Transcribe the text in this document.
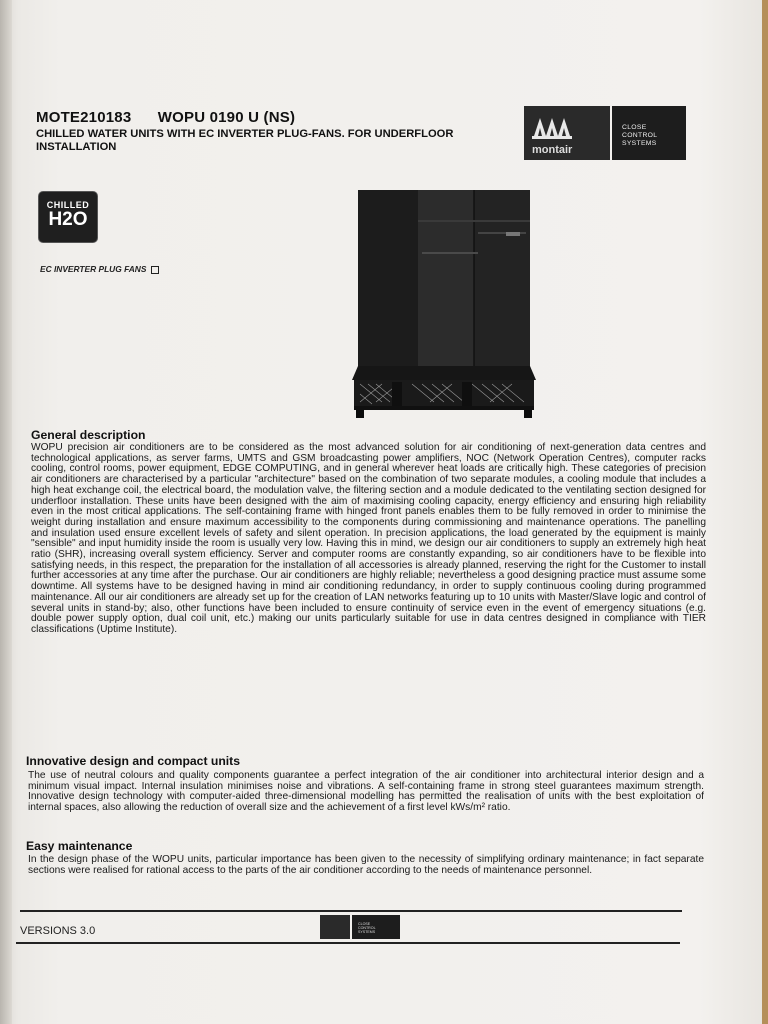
MOTE210183 WOPU 0190 U (NS)
CHILLED WATER UNITS WITH EC INVERTER PLUG-FANS. FOR UNDERFLOOR INSTALLATION	montair
CLOSE
CONTROL
SYSTEMS
CHILLED
H2O
EC INVERTER PLUG FANS
General description

WOPU precision air conditioners are to be considered as the most advanced solution for air conditioning of next-generation data centres and technological applications, as server farms, UMTS and GSM broadcasting power amplifiers, NOC (Network Operation Centres), computer racks cooling, control rooms, power equipment, EDGE COMPUTING, and in general wherever heat loads are critically high. These categories of precision air conditioners are characterised by a particular "architecture" based on the combination of two separate modules, a cooling module that includes a high heat exchange coil, the electrical board, the modulation valve, the filtering section and a module dedicated to the ventilating section designed for underfloor installation. These units have been designed with the aim of maximising cooling capacity, energy efficiency and ensuring high reliability even in the most critical applications. The self-containing frame with hinged front panels enables them to be fully removed in order to minimise the weight during installation and ensure maximum accessibility to the components during commissioning and maintenance operations. The panelling and insulation used ensure excellent levels of safety and silent operation. In precision applications, the load generated by the equipment is mainly "sensible" and input humidity inside the room is usually very low. Having this in mind, we design our air conditioners to supply an extremely high heat ratio (SHR), increasing overall system efficiency. Server and computer rooms are constantly expanding, so air conditioners have to be flexible into satisfying needs, in this respect, the preparation for the installation of all accessories is already planned, reserving the right for the Customer to install further accessories at any time after the purchase. Our air conditioners are highly reliable; nevertheless a good designing practice must assume some downtime. All systems have to be designed having in mind air conditioning redundancy, in order to supply continuous cooling during programmed maintenance. All our air conditioners are already set up for the creation of LAN networks featuring up to 10 units with Master/Slave logic and control of several units in stand-by; also, other functions have been included to ensure continuity of service even in the event of emergency situations (e.g. double power supply option, dual coil unit, etc.) making our units particularly suitable for use in data centres designed in compliance with TIER classifications (Uptime Institute).

Innovative design and compact units

The use of neutral colours and quality components guarantee a perfect integration of the air conditioner into architectural interior design and a minimum visual impact. Internal insulation minimises noise and vibrations. A self-containing frame in strong steel guarantees maximum strength. Innovative design technology with computer-aided three-dimensional modelling has permitted the realisation of units with the best exploitation of internal spaces, also allowing the reduction of overall size and the achievement of a first level kWs/m² ratio.

Easy maintenance

In the design phase of the WOPU units, particular importance has been given to the necessity of simplifying ordinary maintenance; in fact separate sections were realised for rational access to the parts of the air conditioner according to the needs of maintenance personnel.

VERSIONS 3.0
CLOSE
CONTROL
SYSTEMS
